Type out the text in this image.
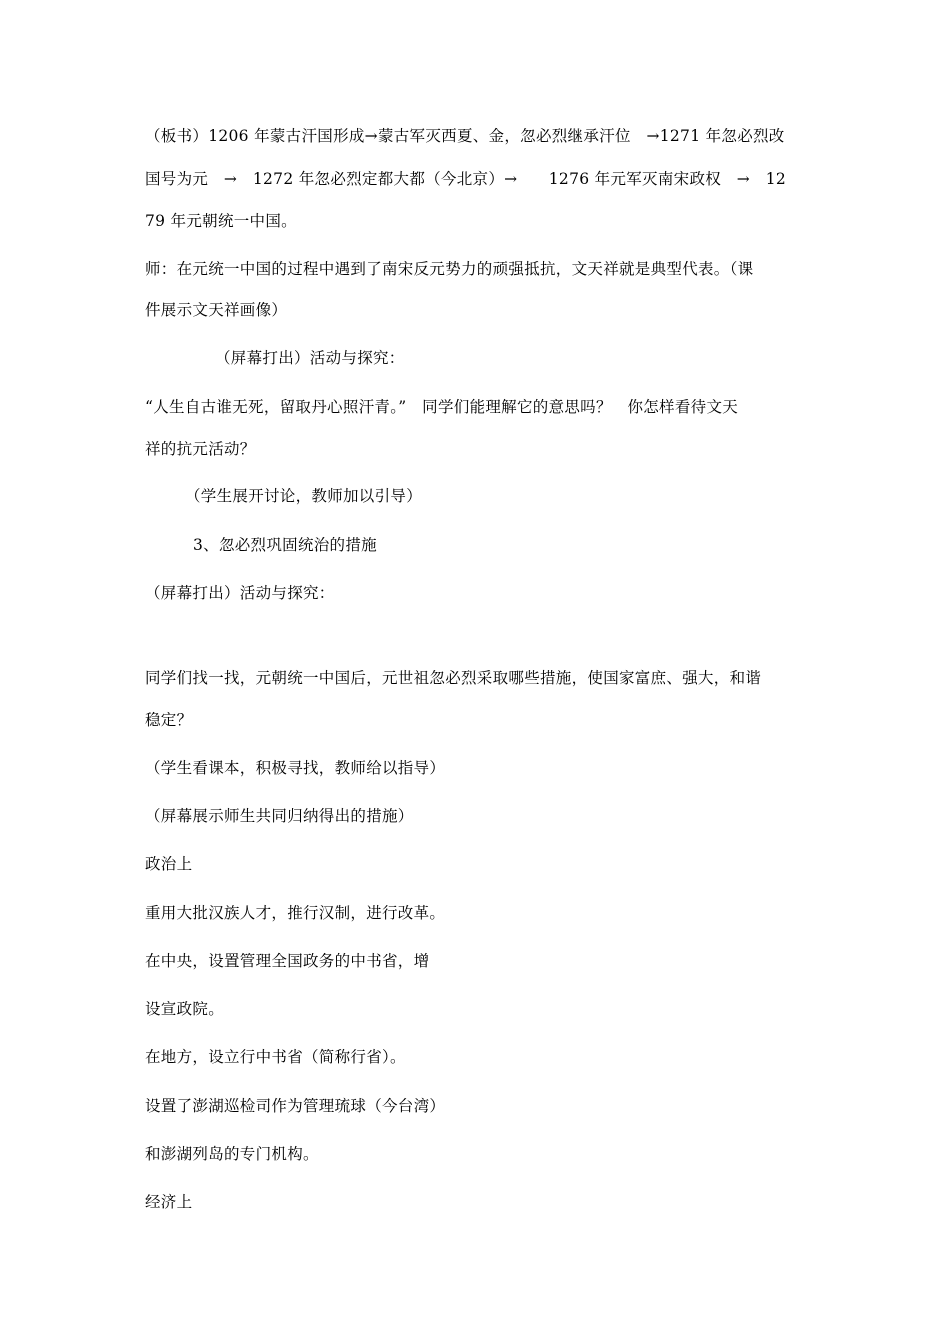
（板书）1206 年蒙古汗国形成→蒙古军灭西夏、金，忽必烈继承汗位   →1271 年忽必烈改
国号为元   →   1272 年忽必烈定都大都（今北京）→      1276 年元军灭南宋政权   →   12
79 年元朝统一中国。
师：在元统一中国的过程中遇到了南宋反元势力的顽强抵抗，文天祥就是典型代表。（课
件展示文天祥画像）
（屏幕打出）活动与探究：
“人生自古谁无死，留取丹心照汗青。”   同学们能理解它的意思吗？   你怎样看待文天
祥的抗元活动？
（学生展开讨论，教师加以引导）
3、忽必烈巩固统治的措施
（屏幕打出）活动与探究：
同学们找一找，元朝统一中国后，元世祖忽必烈采取哪些措施，使国家富庶、强大，和谐
稳定？
（学生看课本，积极寻找，教师给以指导）
（屏幕展示师生共同归纳得出的措施）
政治上
重用大批汉族人才，推行汉制，进行改革。
在中央，设置管理全国政务的中书省，增
设宣政院。
在地方，设立行中书省（简称行省）。
设置了澎湖巡检司作为管理琉球（今台湾）
和澎湖列岛的专门机构。
经济上
